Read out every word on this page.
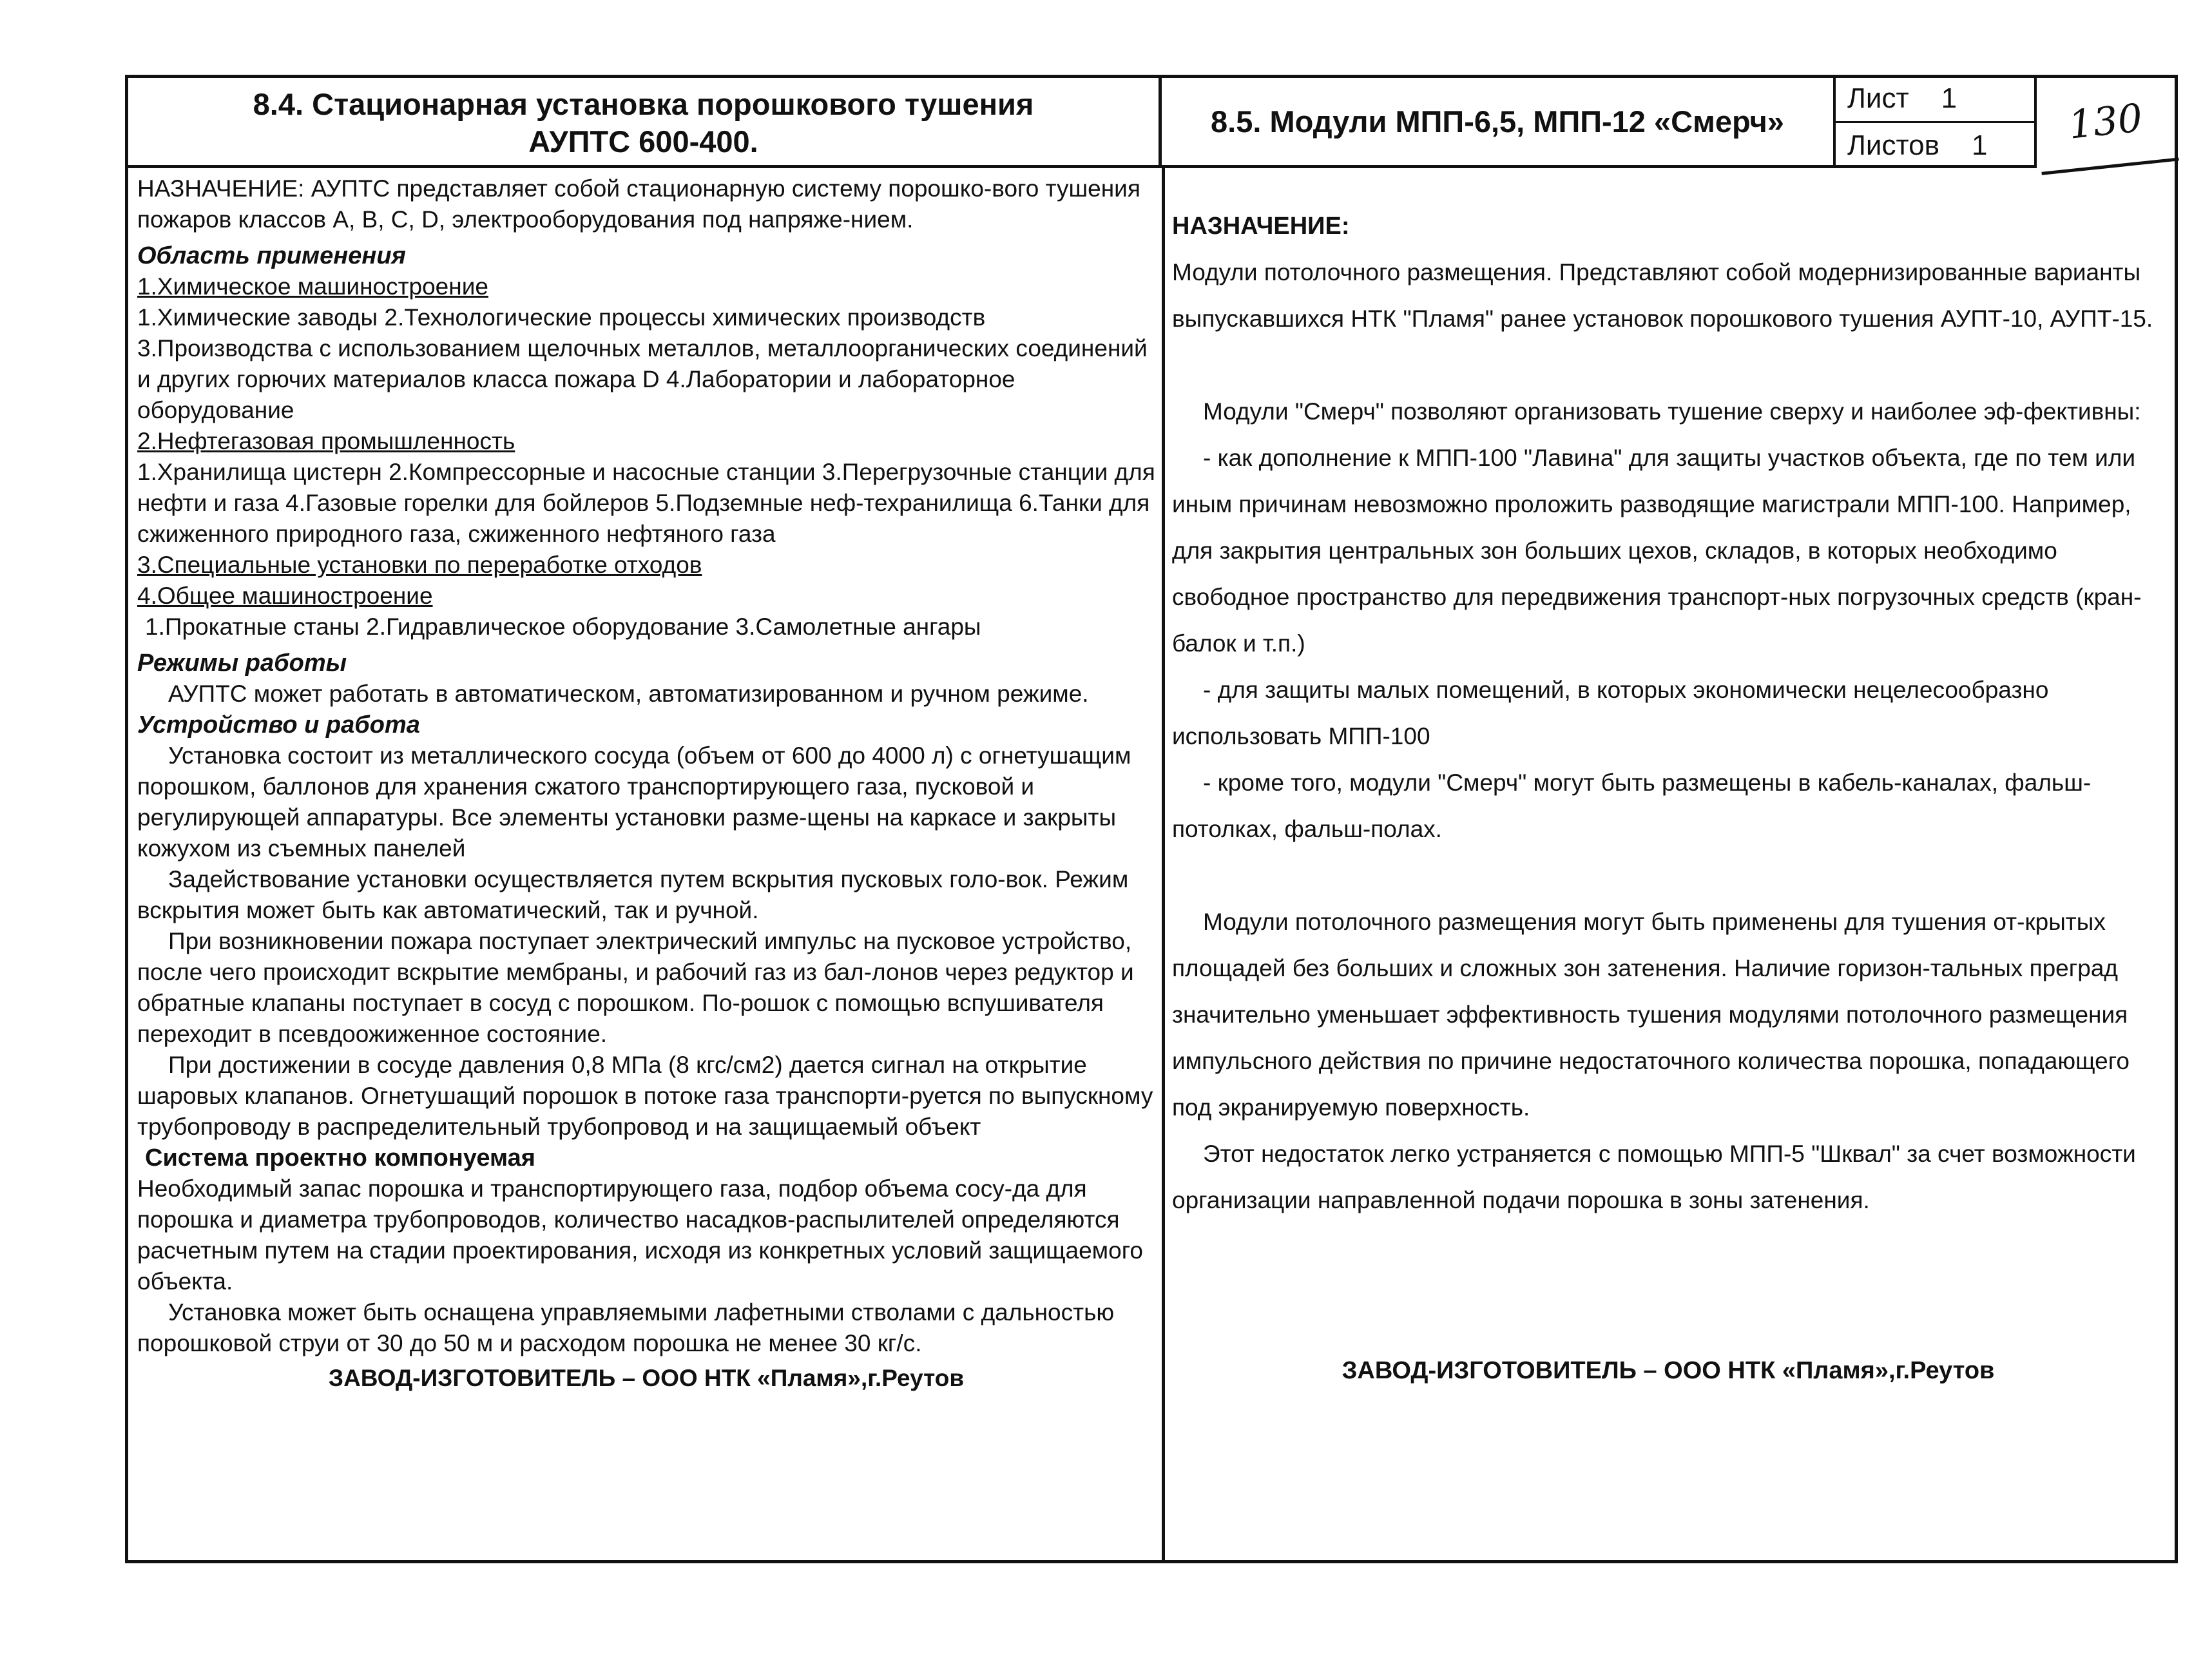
8.4. Стационарная установка порошкового тушения
АУПТС 600-400.
8.5. Модули МПП-6,5, МПП-12 «Смерч»
Лист 1
Листов 1	130

НАЗНАЧЕНИЕ: АУПТС представляет собой стационарную систему порошко-вого тушения пожаров классов А, В, С, D, электрооборудования под напряже-нием.

Область применения

1.Химическое машиностроение

1.Химические заводы 2.Технологические процессы химических производств 3.Производства с использованием щелочных металлов, металлоорганических соединений и других горючих материалов класса пожара D 4.Лаборатории и лабораторное оборудование

2.Нефтегазовая промышленность

1.Хранилища цистерн 2.Компрессорные и насосные станции 3.Перегрузочные станции для нефти и газа 4.Газовые горелки для бойлеров 5.Подземные неф-техранилища 6.Танки для сжиженного природного газа, сжиженного нефтяного газа

3.Специальные установки по переработке отходов

4.Общее машиностроение

1.Прокатные станы 2.Гидравлическое оборудование 3.Самолетные ангары

Режимы работы

АУПТС может работать в автоматическом, автоматизированном и ручном режиме.

Устройство и работа

Установка состоит из металлического сосуда (объем от 600 до 4000 л) с огнетушащим порошком, баллонов для хранения сжатого транспортирующего газа, пусковой и регулирующей аппаратуры. Все элементы установки разме-щены на каркасе и закрыты кожухом из съемных панелей

Задействование установки осуществляется путем вскрытия пусковых голо-вок. Режим вскрытия может быть как автоматический, так и ручной.

При возникновении пожара поступает электрический импульс на пусковое устройство, после чего происходит вскрытие мембраны, и рабочий газ из бал-лонов через редуктор и обратные клапаны поступает в сосуд с порошком. По-рошок с помощью вспушивателя переходит в псевдоожиженное состояние.

При достижении в сосуде давления 0,8 МПа (8 кгс/см2) дается сигнал на открытие шаровых клапанов. Огнетушащий порошок в потоке газа транспорти-руется по выпускному трубопроводу в распределительный трубопровод и на защищаемый объект

Система проектно компонуемая

Необходимый запас порошка и транспортирующего газа, подбор объема сосу-да для порошка и диаметра трубопроводов, количество насадков-распылителей определяются расчетным путем на стадии проектирования, исходя из конкретных условий защищаемого объекта.

Установка может быть оснащена управляемыми лафетными стволами с дальностью порошковой струи от 30 до 50 м и расходом порошка не менее 30 кг/с.

ЗАВОД-ИЗГОТОВИТЕЛЬ – ООО НТК «Пламя»,г.Реутов

НАЗНАЧЕНИЕ:

Модули потолочного размещения. Представляют собой модернизированные варианты выпускавшихся НТК "Пламя" ранее установок порошкового тушения АУПТ-10, АУПТ-15.

Модули "Смерч" позволяют организовать тушение сверху и наиболее эф-фективны:

- как дополнение к МПП-100 "Лавина" для защиты участков объекта, где по тем или иным причинам невозможно проложить разводящие магистрали МПП-100. Например, для закрытия центральных зон больших цехов, складов, в которых необходимо свободное пространство для передвижения транспорт-ных погрузочных средств (кран-балок и т.п.)

- для защиты малых помещений, в которых экономически нецелесообразно использовать МПП-100

- кроме того, модули "Смерч" могут быть размещены в кабель-каналах, фальш-потолках, фальш-полах.

Модули потолочного размещения могут быть применены для тушения от-крытых площадей без больших и сложных зон затенения. Наличие горизон-тальных преград значительно уменьшает эффективность тушения модулями потолочного размещения импульсного действия по причине недостаточного количества порошка, попадающего под экранируемую поверхность.

Этот недостаток легко устраняется с помощью МПП-5 "Шквал" за счет возможности организации направленной подачи порошка в зоны затенения.

ЗАВОД-ИЗГОТОВИТЕЛЬ – ООО НТК «Пламя»,г.Реутов
